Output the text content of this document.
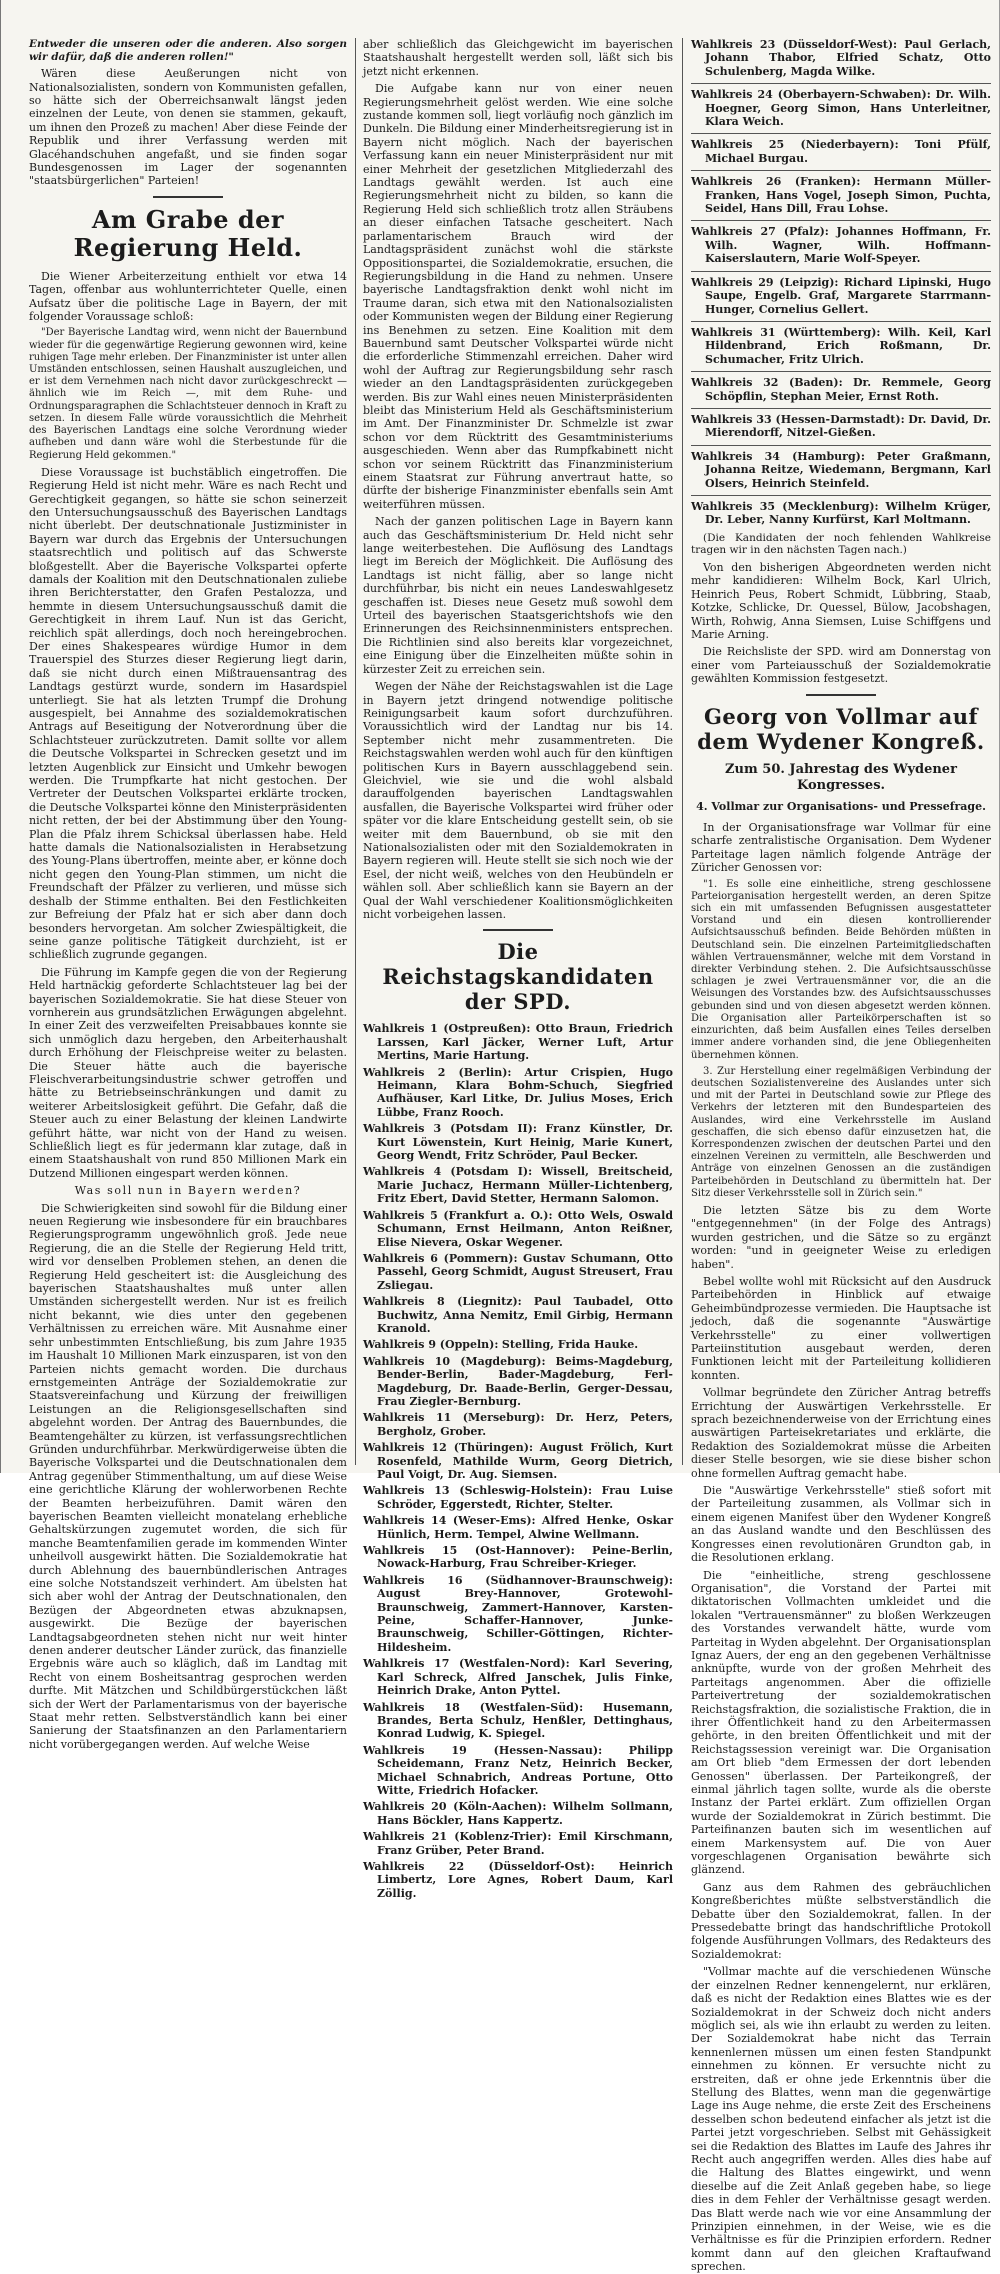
Entweder die unseren oder die anderen. Also sorgen wir dafür, daß die anderen rollen!"

Wären diese Aeußerungen nicht von Nationalsozialisten, sondern von Kommunisten gefallen, so hätte sich der Oberreichsanwalt längst jeden einzelnen der Leute, von denen sie stammen, gekauft, um ihnen den Prozeß zu machen! Aber diese Feinde der Republik und ihrer Verfassung werden mit Glacéhandschuhen angefaßt, und sie finden sogar Bundesgenossen im Lager der sogenannten "staatsbürgerlichen" Parteien!

Am Grabe der Regierung Held.

Die Wiener Arbeiterzeitung enthielt vor etwa 14 Tagen, offenbar aus wohlunterrichteter Quelle, einen Aufsatz über die politische Lage in Bayern, der mit folgender Voraussage schloß:

"Der Bayerische Landtag wird, wenn nicht der Bauernbund wieder für die gegenwärtige Regierung gewonnen wird, keine ruhigen Tage mehr erleben. Der Finanzminister ist unter allen Umständen entschlossen, seinen Haushalt auszugleichen, und er ist dem Vernehmen nach nicht davor zurückgeschreckt — ähnlich wie im Reich —, mit dem Ruhe- und Ordnungsparagraphen die Schlachtsteuer dennoch in Kraft zu setzen. In diesem Falle würde voraussichtlich die Mehrheit des Bayerischen Landtags eine solche Verordnung wieder aufheben und dann wäre wohl die Sterbestunde für die Regierung Held gekommen."

Diese Voraussage ist buchstäblich eingetroffen. Die Regierung Held ist nicht mehr. Wäre es nach Recht und Gerechtigkeit gegangen, so hätte sie schon seinerzeit den Untersuchungsausschuß des Bayerischen Landtags nicht überlebt. Der deutschnationale Justizminister in Bayern war durch das Ergebnis der Untersuchungen staatsrechtlich und politisch auf das Schwerste bloßgestellt. Aber die Bayerische Volkspartei opferte damals der Koalition mit den Deutschnationalen zuliebe ihren Berichterstatter, den Grafen Pestalozza, und hemmte in diesem Untersuchungsausschuß damit die Gerechtigkeit in ihrem Lauf. Nun ist das Gericht, reichlich spät allerdings, doch noch hereingebrochen. Der eines Shakespeares würdige Humor in dem Trauerspiel des Sturzes dieser Regierung liegt darin, daß sie nicht durch einen Mißtrauensantrag des Landtags gestürzt wurde, sondern im Hasardspiel unterliegt. Sie hat als letzten Trumpf die Drohung ausgespielt, bei Annahme des sozialdemokratischen Antrags auf Beseitigung der Notverordnung über die Schlachtsteuer zurückzutreten. Damit sollte vor allem die Deutsche Volkspartei in Schrecken gesetzt und im letzten Augenblick zur Einsicht und Umkehr bewogen werden. Die Trumpfkarte hat nicht gestochen. Der Vertreter der Deutschen Volkspartei erklärte trocken, die Deutsche Volkspartei könne den Ministerpräsidenten nicht retten, der bei der Abstimmung über den Young-Plan die Pfalz ihrem Schicksal überlassen habe. Held hatte damals die Nationalsozialisten in Herabsetzung des Young-Plans übertroffen, meinte aber, er könne doch nicht gegen den Young-Plan stimmen, um nicht die Freundschaft der Pfälzer zu verlieren, und müsse sich deshalb der Stimme enthalten. Bei den Festlichkeiten zur Befreiung der Pfalz hat er sich aber dann doch besonders hervorgetan. Am solcher Zwiespältigkeit, die seine ganze politische Tätigkeit durchzieht, ist er schließlich zugrunde gegangen.

Die Führung im Kampfe gegen die von der Regierung Held hartnäckig geforderte Schlachtsteuer lag bei der bayerischen Sozialdemokratie. Sie hat diese Steuer von vornherein aus grundsätzlichen Erwägungen abgelehnt. In einer Zeit des verzweifelten Preisabbaues konnte sie sich unmöglich dazu hergeben, den Arbeiterhaushalt durch Erhöhung der Fleischpreise weiter zu belasten. Die Steuer hätte auch die bayerische Fleischverarbeitungsindustrie schwer getroffen und hätte zu Betriebseinschränkungen und damit zu weiterer Arbeitslosigkeit geführt. Die Gefahr, daß die Steuer auch zu einer Belastung der kleinen Landwirte geführt hätte, war nicht von der Hand zu weisen. Schließlich liegt es für jedermann klar zutage, daß in einem Staatshaushalt von rund 850 Millionen Mark ein Dutzend Millionen eingespart werden können.

Was soll nun in Bayern werden?

Die Schwierigkeiten sind sowohl für die Bildung einer neuen Regierung wie insbesondere für ein brauchbares Regierungsprogramm ungewöhnlich groß. Jede neue Regierung, die an die Stelle der Regierung Held tritt, wird vor denselben Problemen stehen, an denen die Regierung Held gescheitert ist: die Ausgleichung des bayerischen Staatshaushaltes muß unter allen Umständen sichergestellt werden. Nur ist es freilich nicht bekannt, wie dies unter den gegebenen Verhältnissen zu erreichen wäre. Mit Ausnahme einer sehr unbestimmten Entschließung, bis zum Jahre 1935 im Haushalt 10 Millionen Mark einzusparen, ist von den Parteien nichts gemacht worden. Die durchaus ernstgemeinten Anträge der Sozialdemokratie zur Staatsvereinfachung und Kürzung der freiwilligen Leistungen an die Religionsgesellschaften sind abgelehnt worden. Der Antrag des Bauernbundes, die Beamtengehälter zu kürzen, ist verfassungsrechtlichen Gründen undurchführbar. Merkwürdigerweise übten die Bayerische Volkspartei und die Deutschnationalen dem Antrag gegenüber Stimmenthaltung, um auf diese Weise eine gerichtliche Klärung der wohlerworbenen Rechte der Beamten herbeizuführen. Damit wären den bayerischen Beamten vielleicht monatelang erhebliche Gehaltskürzungen zugemutet worden, die sich für manche Beamtenfamilien gerade im kommenden Winter unheilvoll ausgewirkt hätten. Die Sozialdemokratie hat durch Ablehnung des bauernbündlerischen Antrages eine solche Notstandszeit verhindert. Am übelsten hat sich aber wohl der Antrag der Deutschnationalen, den Bezügen der Abgeordneten etwas abzuknapsen, ausgewirkt. Die Bezüge der bayerischen Landtagsabgeordneten stehen nicht nur weit hinter denen anderer deutscher Länder zurück, das finanzielle Ergebnis wäre auch so kläglich, daß im Landtag mit Recht von einem Bosheitsantrag gesprochen werden durfte. Mit Mätzchen und Schildbürgerstückchen läßt sich der Wert der Parlamentarismus von der bayerische Staat mehr retten. Selbstverständlich kann bei einer Sanierung der Staatsfinanzen an den Parlamentariern nicht vorübergegangen werden. Auf welche Weise

aber schließlich das Gleichgewicht im bayerischen Staatshaushalt hergestellt werden soll, läßt sich bis jetzt nicht erkennen.

Die Aufgabe kann nur von einer neuen Regierungsmehrheit gelöst werden. Wie eine solche zustande kommen soll, liegt vorläufig noch gänzlich im Dunkeln. Die Bildung einer Minderheitsregierung ist in Bayern nicht möglich. Nach der bayerischen Verfassung kann ein neuer Ministerpräsident nur mit einer Mehrheit der gesetzlichen Mitgliederzahl des Landtags gewählt werden. Ist auch eine Regierungsmehrheit nicht zu bilden, so kann die Regierung Held sich schließlich trotz allen Sträubens an dieser einfachen Tatsache gescheitert. Nach parlamentarischem Brauch wird der Landtagspräsident zunächst wohl die stärkste Oppositionspartei, die Sozialdemokratie, ersuchen, die Regierungsbildung in die Hand zu nehmen. Unsere bayerische Landtagsfraktion denkt wohl nicht im Traume daran, sich etwa mit den Nationalsozialisten oder Kommunisten wegen der Bildung einer Regierung ins Benehmen zu setzen. Eine Koalition mit dem Bauernbund samt Deutscher Volkspartei würde nicht die erforderliche Stimmenzahl erreichen. Daher wird wohl der Auftrag zur Regierungsbildung sehr rasch wieder an den Landtagspräsidenten zurückgegeben werden. Bis zur Wahl eines neuen Ministerpräsidenten bleibt das Ministerium Held als Geschäftsministerium im Amt. Der Finanzminister Dr. Schmelzle ist zwar schon vor dem Rücktritt des Gesamtministeriums ausgeschieden. Wenn aber das Rumpfkabinett nicht schon vor seinem Rücktritt das Finanzministerium einem Staatsrat zur Führung anvertraut hatte, so dürfte der bisherige Finanzminister ebenfalls sein Amt weiterführen müssen.

Nach der ganzen politischen Lage in Bayern kann auch das Geschäftsministerium Dr. Held nicht sehr lange weiterbestehen. Die Auflösung des Landtags liegt im Bereich der Möglichkeit. Die Auflösung des Landtags ist nicht fällig, aber so lange nicht durchführbar, bis nicht ein neues Landeswahlgesetz geschaffen ist. Dieses neue Gesetz muß sowohl dem Urteil des bayerischen Staatsgerichtshofs wie den Erinnerungen des Reichsinnenministers entsprechen. Die Richtlinien sind also bereits klar vorgezeichnet, eine Einigung über die Einzelheiten müßte sohin in kürzester Zeit zu erreichen sein.

Wegen der Nähe der Reichstagswahlen ist die Lage in Bayern jetzt dringend notwendige politische Reinigungsarbeit kaum sofort durchzuführen. Voraussichtlich wird der Landtag nur bis 14. September nicht mehr zusammentreten. Die Reichstagswahlen werden wohl auch für den künftigen politischen Kurs in Bayern ausschlaggebend sein. Gleichviel, wie sie und die wohl alsbald darauffolgenden bayerischen Landtagswahlen ausfallen, die Bayerische Volkspartei wird früher oder später vor die klare Entscheidung gestellt sein, ob sie weiter mit dem Bauernbund, ob sie mit den Nationalsozialisten oder mit den Sozialdemokraten in Bayern regieren will. Heute stellt sie sich noch wie der Esel, der nicht weiß, welches von den Heubündeln er wählen soll. Aber schließlich kann sie Bayern an der Qual der Wahl verschiedener Koalitionsmöglichkeiten nicht vorbeigehen lassen.

Die Reichstagskandidaten der SPD.

Wahlkreis 1 (Ostpreußen): Otto Braun, Friedrich Larssen, Karl Jäcker, Werner Luft, Artur Mertins, Marie Hartung.

Wahlkreis 2 (Berlin): Artur Crispien, Hugo Heimann, Klara Bohm-Schuch, Siegfried Aufhäuser, Karl Litke, Dr. Julius Moses, Erich Lübbe, Franz Rooch.

Wahlkreis 3 (Potsdam II): Franz Künstler, Dr. Kurt Löwenstein, Kurt Heinig, Marie Kunert, Georg Wendt, Fritz Schröder, Paul Becker.

Wahlkreis 4 (Potsdam I): Wissell, Breitscheid, Marie Juchacz, Hermann Müller-Lichtenberg, Fritz Ebert, David Stetter, Hermann Salomon.

Wahlkreis 5 (Frankfurt a. O.): Otto Wels, Oswald Schumann, Ernst Heilmann, Anton Reißner, Elise Nievera, Oskar Wegener.

Wahlkreis 6 (Pommern): Gustav Schumann, Otto Passehl, Georg Schmidt, August Streusert, Frau Zsliegau.

Wahlkreis 8 (Liegnitz): Paul Taubadel, Otto Buchwitz, Anna Nemitz, Emil Girbig, Hermann Kranold.

Wahlkreis 9 (Oppeln): Stelling, Frida Hauke.

Wahlkreis 10 (Magdeburg): Beims-Magdeburg, Bender-Berlin, Bader-Magdeburg, Ferl-Magdeburg, Dr. Baade-Berlin, Gerger-Dessau, Frau Ziegler-Bernburg.

Wahlkreis 11 (Merseburg): Dr. Herz, Peters, Bergholz, Grober.

Wahlkreis 12 (Thüringen): August Frölich, Kurt Rosenfeld, Mathilde Wurm, Georg Dietrich, Paul Voigt, Dr. Aug. Siemsen.

Wahlkreis 13 (Schleswig-Holstein): Frau Luise Schröder, Eggerstedt, Richter, Stelter.

Wahlkreis 14 (Weser-Ems): Alfred Henke, Oskar Hünlich, Herm. Tempel, Alwine Wellmann.

Wahlkreis 15 (Ost-Hannover): Peine-Berlin, Nowack-Harburg, Frau Schreiber-Krieger.

Wahlkreis 16 (Südhannover-Braunschweig): August Brey-Hannover, Grotewohl-Braunschweig, Zammert-Hannover, Karsten-Peine, Schaffer-Hannover, Junke-Braunschweig, Schiller-Göttingen, Richter-Hildesheim.

Wahlkreis 17 (Westfalen-Nord): Karl Severing, Karl Schreck, Alfred Janschek, Julis Finke, Heinrich Drake, Anton Pyttel.

Wahlkreis 18 (Westfalen-Süd): Husemann, Brandes, Berta Schulz, Henßler, Dettinghaus, Konrad Ludwig, K. Spiegel.

Wahlkreis 19 (Hessen-Nassau): Philipp Scheidemann, Franz Netz, Heinrich Becker, Michael Schnabrich, Andreas Portune, Otto Witte, Friedrich Hofacker.

Wahlkreis 20 (Köln-Aachen): Wilhelm Sollmann, Hans Böckler, Hans Kappertz.

Wahlkreis 21 (Koblenz-Trier): Emil Kirschmann, Franz Grüber, Peter Brand.

Wahlkreis 22 (Düsseldorf-Ost): Heinrich Limbertz, Lore Agnes, Robert Daum, Karl Zöllig.

Wahlkreis 23 (Düsseldorf-West): Paul Gerlach, Johann Thabor, Elfried Schatz, Otto Schulenberg, Magda Wilke.

Wahlkreis 24 (Oberbayern-Schwaben): Dr. Wilh. Hoegner, Georg Simon, Hans Unterleitner, Klara Weich.

Wahlkreis 25 (Niederbayern): Toni Pfülf, Michael Burgau.

Wahlkreis 26 (Franken): Hermann Müller-Franken, Hans Vogel, Joseph Simon, Puchta, Seidel, Hans Dill, Frau Lohse.

Wahlkreis 27 (Pfalz): Johannes Hoffmann, Fr. Wilh. Wagner, Wilh. Hoffmann-Kaiserslautern, Marie Wolf-Speyer.

Wahlkreis 29 (Leipzig): Richard Lipinski, Hugo Saupe, Engelb. Graf, Margarete Starrmann-Hunger, Cornelius Gellert.

Wahlkreis 31 (Württemberg): Wilh. Keil, Karl Hildenbrand, Erich Roßmann, Dr. Schumacher, Fritz Ulrich.

Wahlkreis 32 (Baden): Dr. Remmele, Georg Schöpflin, Stephan Meier, Ernst Roth.

Wahlkreis 33 (Hessen-Darmstadt): Dr. David, Dr. Mierendorff, Nitzel-Gießen.

Wahlkreis 34 (Hamburg): Peter Graßmann, Johanna Reitze, Wiedemann, Bergmann, Karl Olsers, Heinrich Steinfeld.

Wahlkreis 35 (Mecklenburg): Wilhelm Krüger, Dr. Leber, Nanny Kurfürst, Karl Moltmann.

(Die Kandidaten der noch fehlenden Wahlkreise tragen wir in den nächsten Tagen nach.)

Von den bisherigen Abgeordneten werden nicht mehr kandidieren: Wilhelm Bock, Karl Ulrich, Heinrich Peus, Robert Schmidt, Lübbring, Staab, Kotzke, Schlicke, Dr. Quessel, Bülow, Jacobshagen, Wirth, Rohwig, Anna Siemsen, Luise Schiffgens und Marie Arning.

Die Reichsliste der SPD. wird am Donnerstag von einer vom Parteiausschuß der Sozialdemokratie gewählten Kommission festgesetzt.

Georg von Vollmar auf dem Wydener Kongreß.
Zum 50. Jahrestag des Wydener Kongresses.
4. Vollmar zur Organisations- und Pressefrage.

In der Organisationsfrage war Vollmar für eine scharfe zentralistische Organisation. Dem Wydener Parteitage lagen nämlich folgende Anträge der Züricher Genossen vor:

"1. Es solle eine einheitliche, streng geschlossene Parteiorganisation hergestellt werden, an deren Spitze sich ein mit umfassenden Befugnissen ausgestatteter Vorstand und ein diesen kontrollierender Aufsichtsausschuß befinden. Beide Behörden müßten in Deutschland sein. Die einzelnen Parteimitgliedschaften wählen Vertrauensmänner, welche mit dem Vorstand in direkter Verbindung stehen. 2. Die Aufsichtsausschüsse schlagen je zwei Vertrauensmänner vor, die an die Weisungen des Vorstandes bzw. des Aufsichtsausschusses gebunden sind und von diesen abgesetzt werden können. Die Organisation aller Parteikörperschaften ist so einzurichten, daß beim Ausfallen eines Teiles derselben immer andere vorhanden sind, die jene Obliegenheiten übernehmen können.

3. Zur Herstellung einer regelmäßigen Verbindung der deutschen Sozialistenvereine des Auslandes unter sich und mit der Partei in Deutschland sowie zur Pflege des Verkehrs der letzteren mit den Bundesparteien des Auslandes, wird eine Verkehrsstelle im Ausland geschaffen, die sich ebenso dafür einzusetzen hat, die Korrespondenzen zwischen der deutschen Partei und den einzelnen Vereinen zu vermitteln, alle Beschwerden und Anträge von einzelnen Genossen an die zuständigen Parteibehörden in Deutschland zu übermitteln hat. Der Sitz dieser Verkehrsstelle soll in Zürich sein."

Die letzten Sätze bis zu dem Worte "entgegennehmen" (in der Folge des Antrags) wurden gestrichen, und die Sätze so zu ergänzt worden: "und in geeigneter Weise zu erledigen haben".

Bebel wollte wohl mit Rücksicht auf den Ausdruck Parteibehörden in Hinblick auf etwaige Geheimbündprozesse vermieden. Die Hauptsache ist jedoch, daß die sogenannte "Auswärtige Verkehrsstelle" zu einer vollwertigen Parteiinstitution ausgebaut werden, deren Funktionen leicht mit der Parteileitung kollidieren konnten.

Vollmar begründete den Züricher Antrag betreffs Errichtung der Auswärtigen Verkehrsstelle. Er sprach bezeichnenderweise von der Errichtung eines auswärtigen Parteisekretariates und erklärte, die Redaktion des Sozialdemokrat müsse die Arbeiten dieser Stelle besorgen, wie sie diese bisher schon ohne formellen Auftrag gemacht habe.

Die "Auswärtige Verkehrsstelle" stieß sofort mit der Parteileitung zusammen, als Vollmar sich in einem eigenen Manifest über den Wydener Kongreß an das Ausland wandte und den Beschlüssen des Kongresses einen revolutionären Grundton gab, in die Resolutionen erklang.

Die "einheitliche, streng geschlossene Organisation", die Vorstand der Partei mit diktatorischen Vollmachten umkleidet und die lokalen "Vertrauensmänner" zu bloßen Werkzeugen des Vorstandes verwandelt hätte, wurde vom Parteitag in Wyden abgelehnt. Der Organisationsplan Ignaz Auers, der eng an den gegebenen Verhältnisse anknüpfte, wurde von der großen Mehrheit des Parteitags angenommen. Aber die offizielle Parteivertretung der sozialdemokratischen Reichstagsfraktion, die sozialistische Fraktion, die in ihrer Öffentlichkeit hand zu den Arbeitermassen gehörte, in den breiten Öffentlichkeit und mit der Reichstagssession vereinigt war. Die Organisation am Ort blieb "dem Ermessen der dort lebenden Genossen" überlassen. Der Parteikongreß, der einmal jährlich tagen sollte, wurde als die oberste Instanz der Partei erklärt. Zum offiziellen Organ wurde der Sozialdemokrat in Zürich bestimmt. Die Parteifinanzen bauten sich im wesentlichen auf einem Markensystem auf. Die von Auer vorgeschlagenen Organisation bewährte sich glänzend.

Ganz aus dem Rahmen des gebräuchlichen Kongreßberichtes müßte selbstverständlich die Debatte über den Sozialdemokrat, fallen. In der Pressedebatte bringt das handschriftliche Protokoll folgende Ausführungen Vollmars, des Redakteurs des Sozialdemokrat:

"Vollmar machte auf die verschiedenen Wünsche der einzelnen Redner kennengelernt, nur erklären, daß es nicht der Redaktion eines Blattes wie es der Sozialdemokrat in der Schweiz doch nicht anders möglich sei, als wie ihn erlaubt zu werden zu leiten. Der Sozialdemokrat habe nicht das Terrain kennenlernen müssen um einen festen Standpunkt einnehmen zu können. Er versuchte nicht zu erstreiten, daß er ohne jede Erkenntnis über die Stellung des Blattes, wenn man die gegenwärtige Lage ins Auge nehme, die erste Zeit des Erscheinens desselben schon bedeutend einfacher als jetzt ist die Partei jetzt vorgeschrieben. Selbst mit Gehässigkeit sei die Redaktion des Blattes im Laufe des Jahres ihr Recht auch angegriffen werden. Alles dies habe auf die Haltung des Blattes eingewirkt, und wenn dieselbe auf die Zeit Anlaß gegeben habe, so liege dies in dem Fehler der Verhältnisse gesagt werden. Das Blatt werde nach wie vor eine Ansammlung der Prinzipien einnehmen, in der Weise, wie es die Verhältnisse es für die Prinzipien erfordern. Redner kommt dann auf den gleichen Kraftaufwand sprechen.
